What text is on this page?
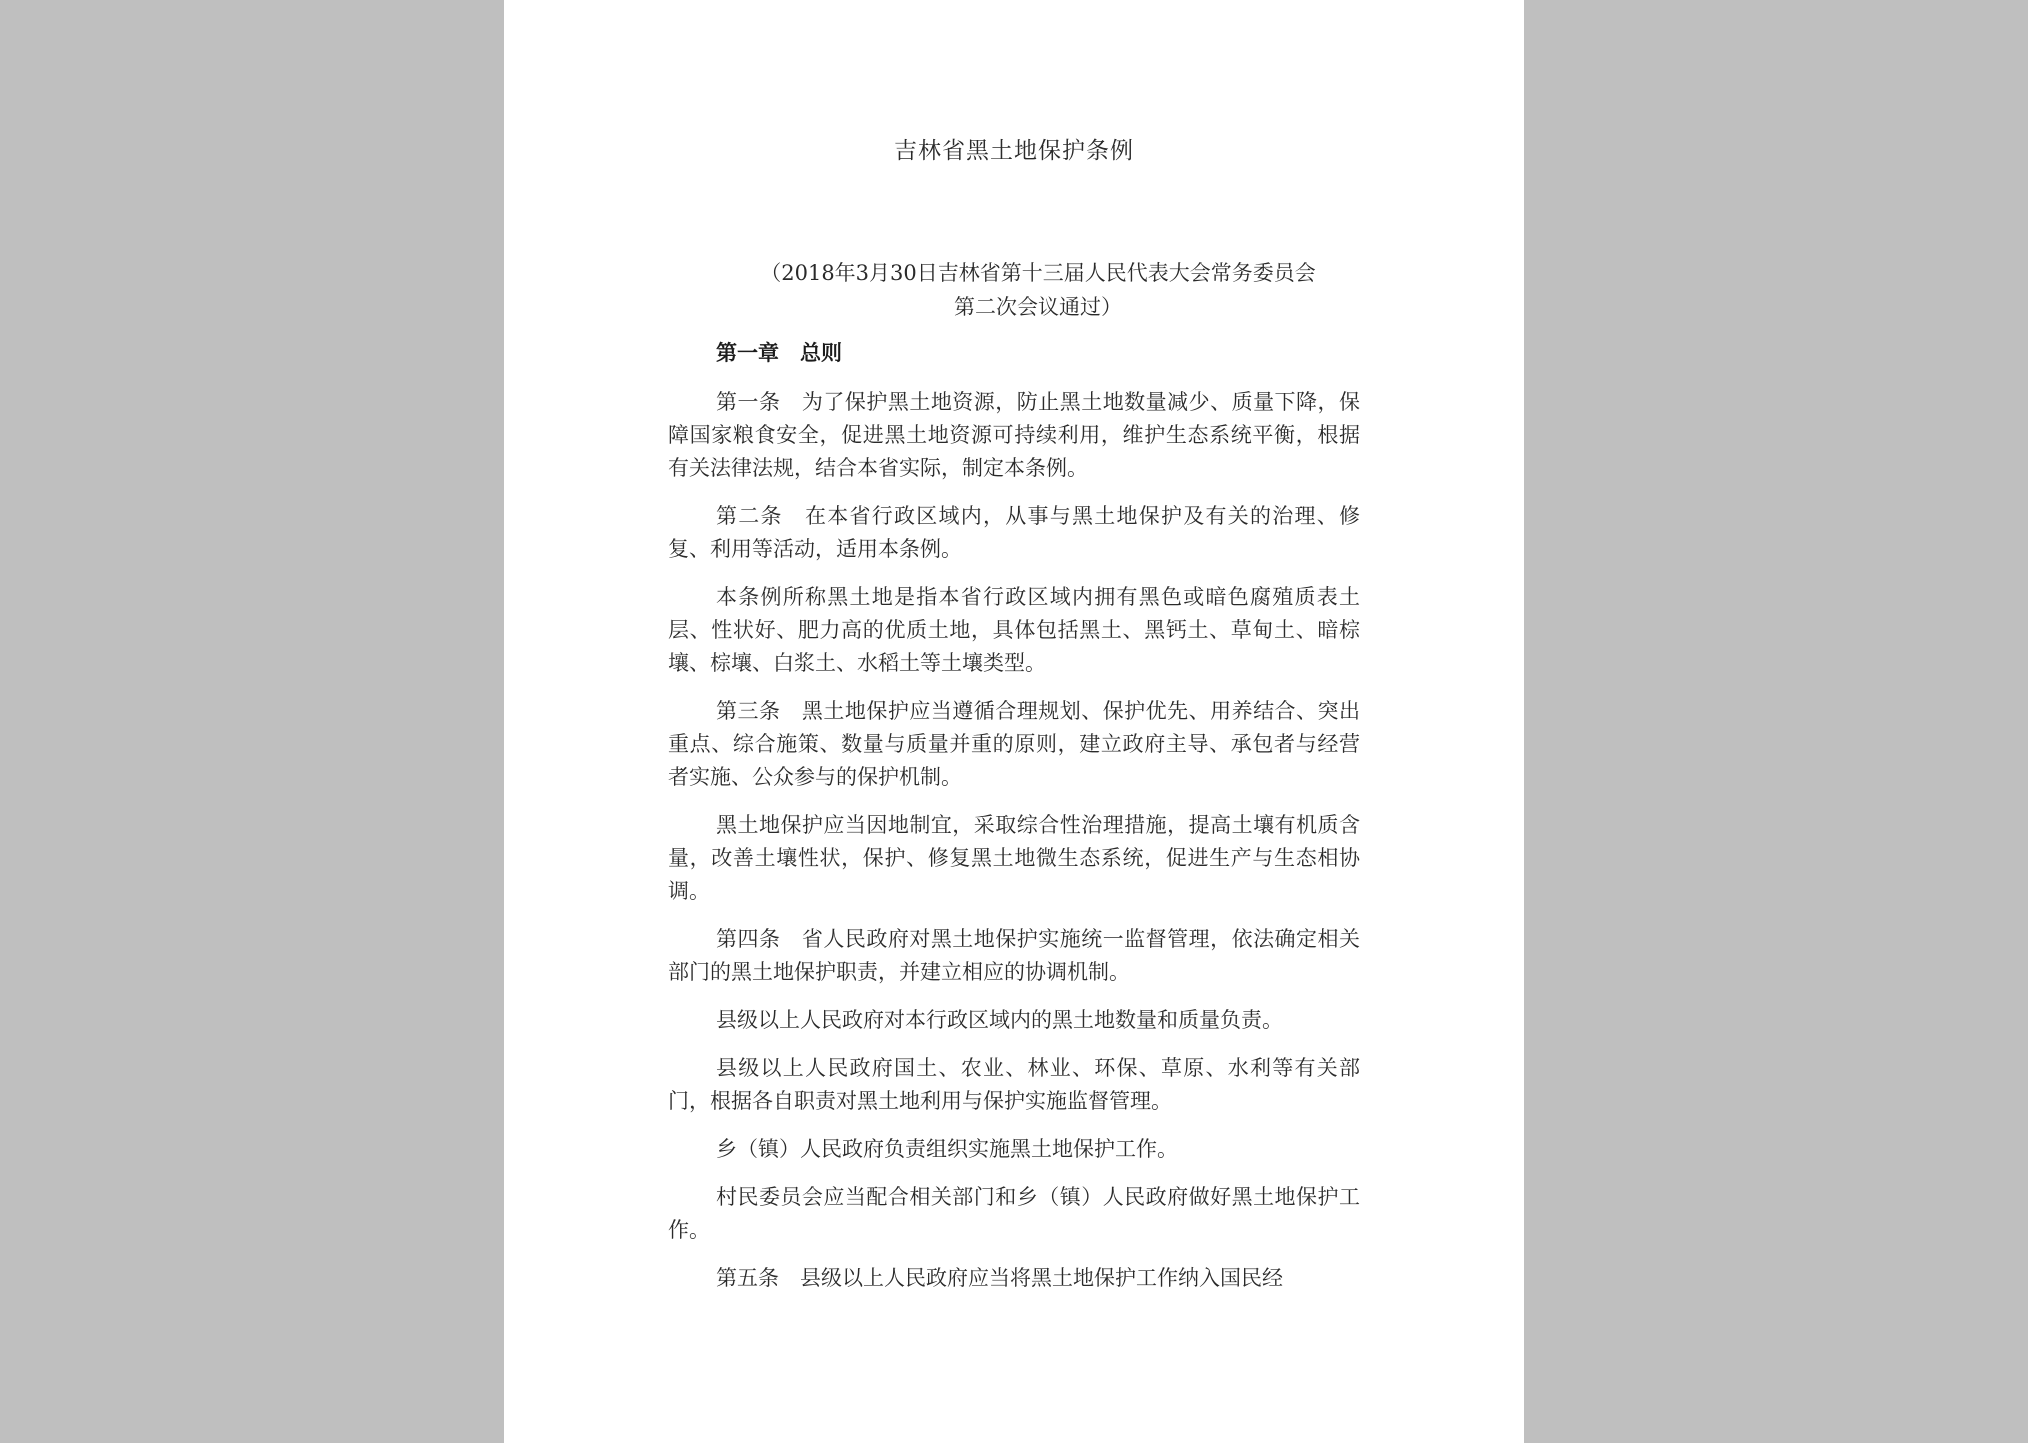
吉林省黑土地保护条例
（2018年3月30日吉林省第十三届人民代表大会常务委员会
第二次会议通过）
第一章　总则

第一条　为了保护黑土地资源，防止黑土地数量减少、质量下降，保障国家粮食安全，促进黑土地资源可持续利用，维护生态系统平衡，根据有关法律法规，结合本省实际，制定本条例。

第二条　在本省行政区域内，从事与黑土地保护及有关的治理、修复、利用等活动，适用本条例。

本条例所称黑土地是指本省行政区域内拥有黑色或暗色腐殖质表土层、性状好、肥力高的优质土地，具体包括黑土、黑钙土、草甸土、暗棕壤、棕壤、白浆土、水稻土等土壤类型。

第三条　黑土地保护应当遵循合理规划、保护优先、用养结合、突出重点、综合施策、数量与质量并重的原则，建立政府主导、承包者与经营者实施、公众参与的保护机制。

黑土地保护应当因地制宜，采取综合性治理措施，提高土壤有机质含量，改善土壤性状，保护、修复黑土地微生态系统，促进生产与生态相协调。

第四条　省人民政府对黑土地保护实施统一监督管理，依法确定相关部门的黑土地保护职责，并建立相应的协调机制。

县级以上人民政府对本行政区域内的黑土地数量和质量负责。

县级以上人民政府国土、农业、林业、环保、草原、水利等有关部门，根据各自职责对黑土地利用与保护实施监督管理。

乡（镇）人民政府负责组织实施黑土地保护工作。

村民委员会应当配合相关部门和乡（镇）人民政府做好黑土地保护工作。

第五条　县级以上人民政府应当将黑土地保护工作纳入国民经
